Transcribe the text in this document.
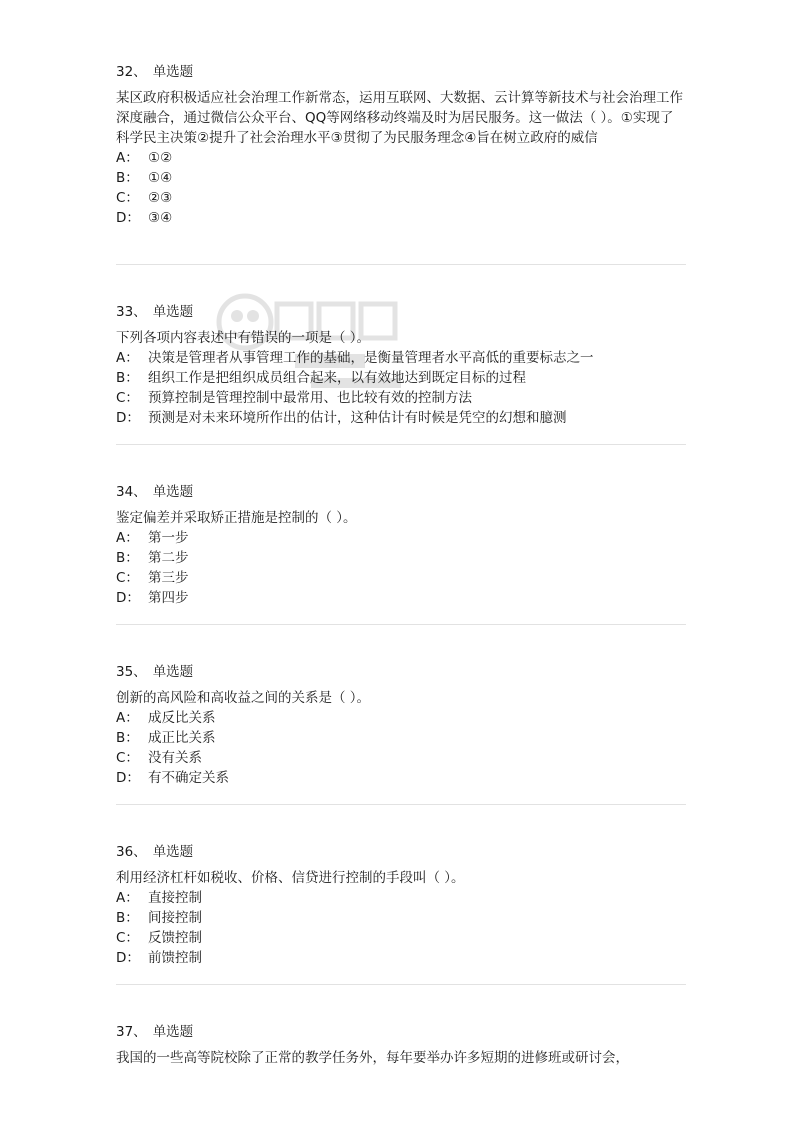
32、 单选题
某区政府积极适应社会治理工作新常态，运用互联网、大数据、云计算等新技术与社会治理工作深度融合，通过微信公众平台、QQ等网络移动终端及时为居民服务。这一做法（ ）。①实现了科学民主决策②提升了社会治理水平③贯彻了为民服务理念④旨在树立政府的威信
A： ①②
B： ①④
C： ②③
D： ③④
33、 单选题
下列各项内容表述中有错误的一项是（ ）。
A： 决策是管理者从事管理工作的基础，是衡量管理者水平高低的重要标志之一
B： 组织工作是把组织成员组合起来，以有效地达到既定目标的过程
C： 预算控制是管理控制中最常用、也比较有效的控制方法
D： 预测是对未来环境所作出的估计，这种估计有时候是凭空的幻想和臆测
34、 单选题
鉴定偏差并采取矫正措施是控制的（ ）。
A： 第一步
B： 第二步
C： 第三步
D： 第四步
35、 单选题
创新的高风险和高收益之间的关系是（ ）。
A： 成反比关系
B： 成正比关系
C： 没有关系
D： 有不确定关系
36、 单选题
利用经济杠杆如税收、价格、信贷进行控制的手段叫（ ）。
A： 直接控制
B： 间接控制
C： 反馈控制
D： 前馈控制
37、 单选题
我国的一些高等院校除了正常的教学任务外，每年要举办许多短期的进修班或研讨会，
